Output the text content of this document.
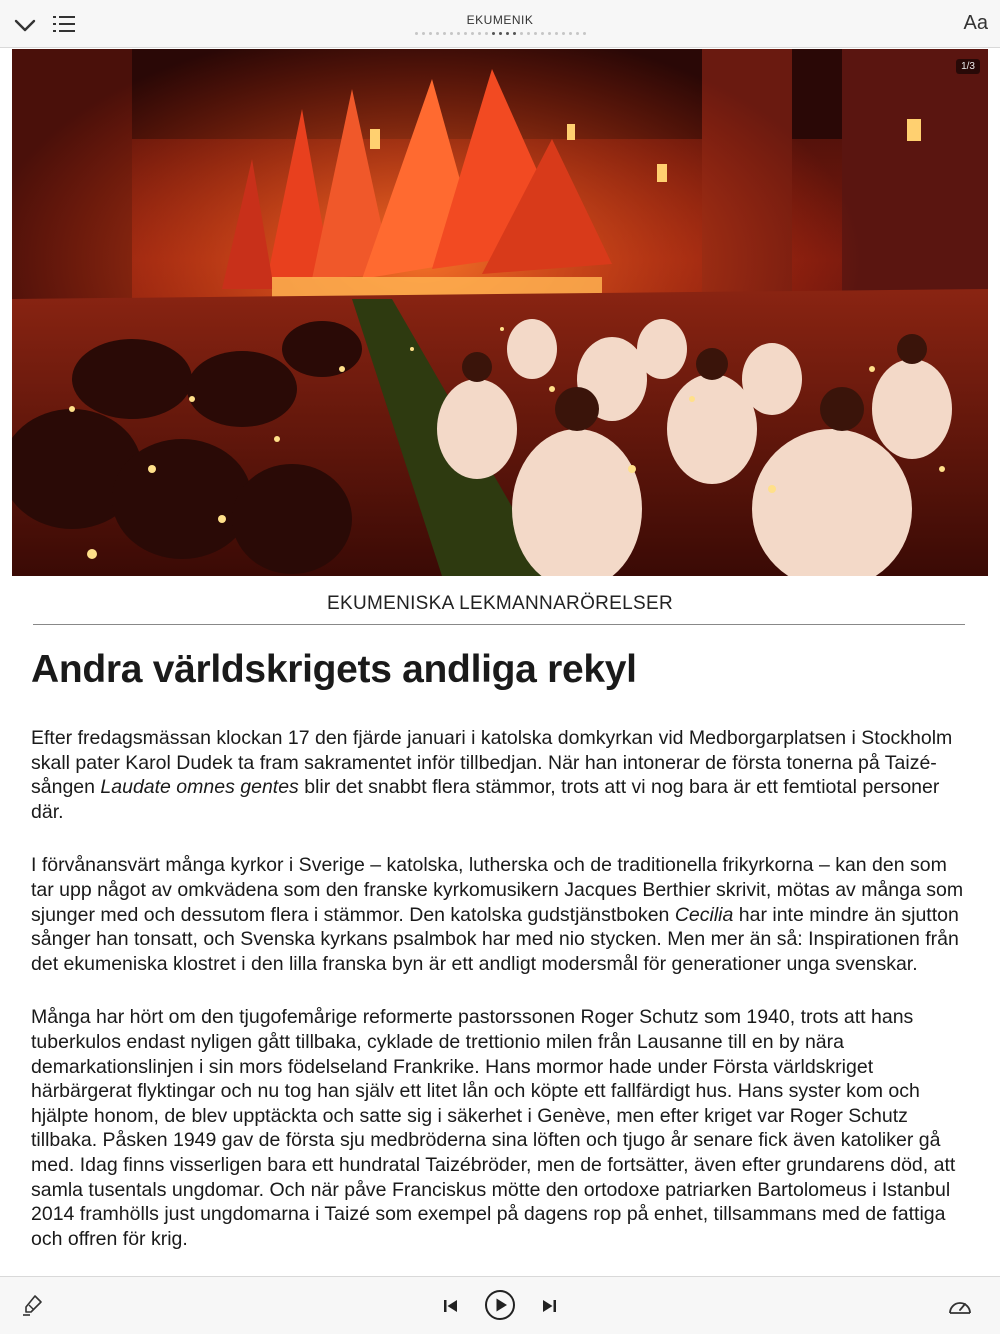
EKUMENIK	Aa
1/3
EKUMENISKA LEKMANNARÖRELSER
Andra världskrigets andliga rekyl

Efter fredagsmässan klockan 17 den fjärde januari i katolska domkyrkan vid Medborgarplatsen i Stockholm skall pater Karol Dudek ta fram sakramentet inför tillbedjan. När han intonerar de första tonerna på Taizé-sången Laudate omnes gentes blir det snabbt flera stämmor, trots att vi nog bara är ett femtiotal personer där.

I förvånansvärt många kyrkor i Sverige – katolska, lutherska och de traditionella frikyrkorna – kan den som tar upp något av omkvädena som den franske kyrkomusikern Jacques Berthier skrivit, mötas av många som sjunger med och dessutom flera i stämmor. Den katolska gudstjänstboken Cecilia har inte mindre än sjutton sånger han tonsatt, och Svenska kyrkans psalmbok har med nio stycken. Men mer än så: Inspirationen från det ekumeniska klostret i den lilla franska byn är ett andligt modersmål för generationer unga svenskar.

Många har hört om den tjugofemårige reformerte pastorssonen Roger Schutz som 1940, trots att hans tuberkulos endast nyligen gått tillbaka, cyklade de trettionio milen från Lausanne till en by nära demarkationslinjen i sin mors födelseland Frankrike. Hans mormor hade under Första världskriget härbärgerat flyktingar och nu tog han själv ett litet lån och köpte ett fallfärdigt hus. Hans syster kom och hjälpte honom, de blev upptäckta och satte sig i säkerhet i Genève, men efter kriget var Roger Schutz tillbaka. Påsken 1949 gav de första sju medbröderna sina löften och tjugo år senare fick även katoliker gå med. Idag finns visserligen bara ett hundratal Taizébröder, men de fortsätter, även efter grundarens död, att samla tusentals ungdomar. Och när påve Franciskus mötte den ortodoxe patriarken Bartolomeus i Istanbul 2014 framhölls just ungdomarna i Taizé som exempel på dagens rop på enhet, tillsammans med de fattiga och offren för krig.
